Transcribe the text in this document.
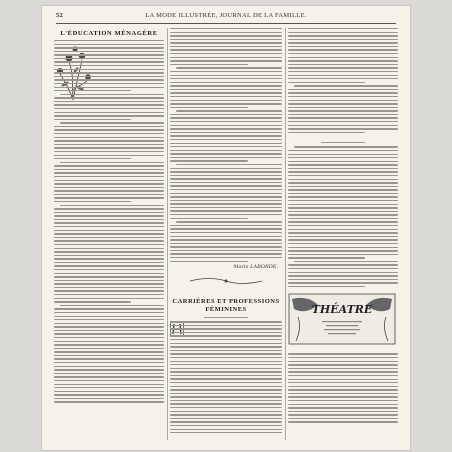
52	LA MODE ILLUSTRÉE, JOURNAL DE LA FAMILLE.
L'ÉDUCATION MÉNAGÈRE
Marie LABORDE.
CARRIÈRES ET PROFESSIONS FÉMININES	THÉATRE
